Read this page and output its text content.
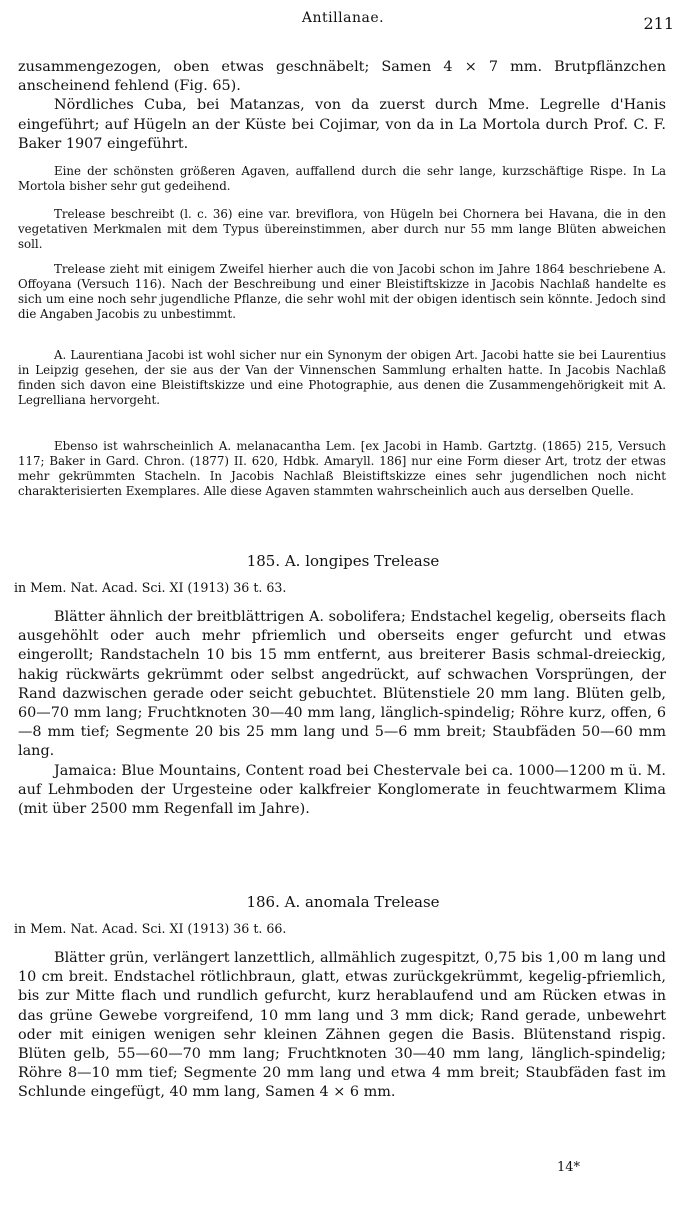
Antillanae.	211

zusammengezogen, oben etwas geschnäbelt; Samen 4 × 7 mm. Brutpflänzchen anscheinend fehlend (Fig. 65).

Nördliches Cuba, bei Matanzas, von da zuerst durch Mme. Legrelle d'Hanis eingeführt; auf Hügeln an der Küste bei Cojimar, von da in La Mortola durch Prof. C. F. Baker 1907 eingeführt.

Eine der schönsten größeren Agaven, auffallend durch die sehr lange, kurzschäftige Rispe. In La Mortola bisher sehr gut gedeihend.

Trelease beschreibt (l. c. 36) eine var. breviflora, von Hügeln bei Chornera bei Havana, die in den vegetativen Merkmalen mit dem Typus übereinstimmen, aber durch nur 55 mm lange Blüten abweichen soll.

Trelease zieht mit einigem Zweifel hierher auch die von Jacobi schon im Jahre 1864 beschriebene A. Offoyana (Versuch 116). Nach der Beschreibung und einer Bleistiftskizze in Jacobis Nachlaß handelte es sich um eine noch sehr jugendliche Pflanze, die sehr wohl mit der obigen identisch sein könnte. Jedoch sind die Angaben Jacobis zu unbestimmt.

A. Laurentiana Jacobi ist wohl sicher nur ein Synonym der obigen Art. Jacobi hatte sie bei Laurentius in Leipzig gesehen, der sie aus der Van der Vinnenschen Sammlung erhalten hatte. In Jacobis Nachlaß finden sich davon eine Bleistiftskizze und eine Photographie, aus denen die Zusammengehörigkeit mit A. Legrelliana hervorgeht.

Ebenso ist wahrscheinlich A. melanacantha Lem. [ex Jacobi in Hamb. Gartztg. (1865) 215, Versuch 117; Baker in Gard. Chron. (1877) II. 620, Hdbk. Amaryll. 186] nur eine Form dieser Art, trotz der etwas mehr gekrümmten Stacheln. In Jacobis Nachlaß Bleistiftskizze eines sehr jugendlichen noch nicht charakterisierten Exemplares. Alle diese Agaven stammten wahrscheinlich auch aus derselben Quelle.

185. A. longipes Trelease
in Mem. Nat. Acad. Sci. XI (1913) 36 t. 63.

Blätter ähnlich der breitblättrigen A. sobolifera; Endstachel kegelig, oberseits flach ausgehöhlt oder auch mehr pfriemlich und oberseits enger gefurcht und etwas eingerollt; Randstacheln 10 bis 15 mm entfernt, aus breiterer Basis schmal-dreieckig, hakig rückwärts gekrümmt oder selbst angedrückt, auf schwachen Vorsprüngen, der Rand dazwischen gerade oder seicht gebuchtet. Blütenstiele 20 mm lang. Blüten gelb, 60—70 mm lang; Fruchtknoten 30—40 mm lang, länglich-spindelig; Röhre kurz, offen, 6—8 mm tief; Segmente 20 bis 25 mm lang und 5—6 mm breit; Staubfäden 50—60 mm lang.

Jamaica: Blue Mountains, Content road bei Chestervale bei ca. 1000—1200 m ü. M. auf Lehmboden der Urgesteine oder kalkfreier Konglomerate in feuchtwarmem Klima (mit über 2500 mm Regenfall im Jahre).

186. A. anomala Trelease
in Mem. Nat. Acad. Sci. XI (1913) 36 t. 66.

Blätter grün, verlängert lanzettlich, allmählich zugespitzt, 0,75 bis 1,00 m lang und 10 cm breit. Endstachel rötlichbraun, glatt, etwas zurückgekrümmt, kegelig-pfriemlich, bis zur Mitte flach und rundlich gefurcht, kurz herablaufend und am Rücken etwas in das grüne Gewebe vorgreifend, 10 mm lang und 3 mm dick; Rand gerade, unbewehrt oder mit einigen wenigen sehr kleinen Zähnen gegen die Basis. Blütenstand rispig. Blüten gelb, 55—60—70 mm lang; Fruchtknoten 30—40 mm lang, länglich-spindelig; Röhre 8—10 mm tief; Segmente 20 mm lang und etwa 4 mm breit; Staubfäden fast im Schlunde eingefügt, 40 mm lang, Samen 4 × 6 mm.

14*
